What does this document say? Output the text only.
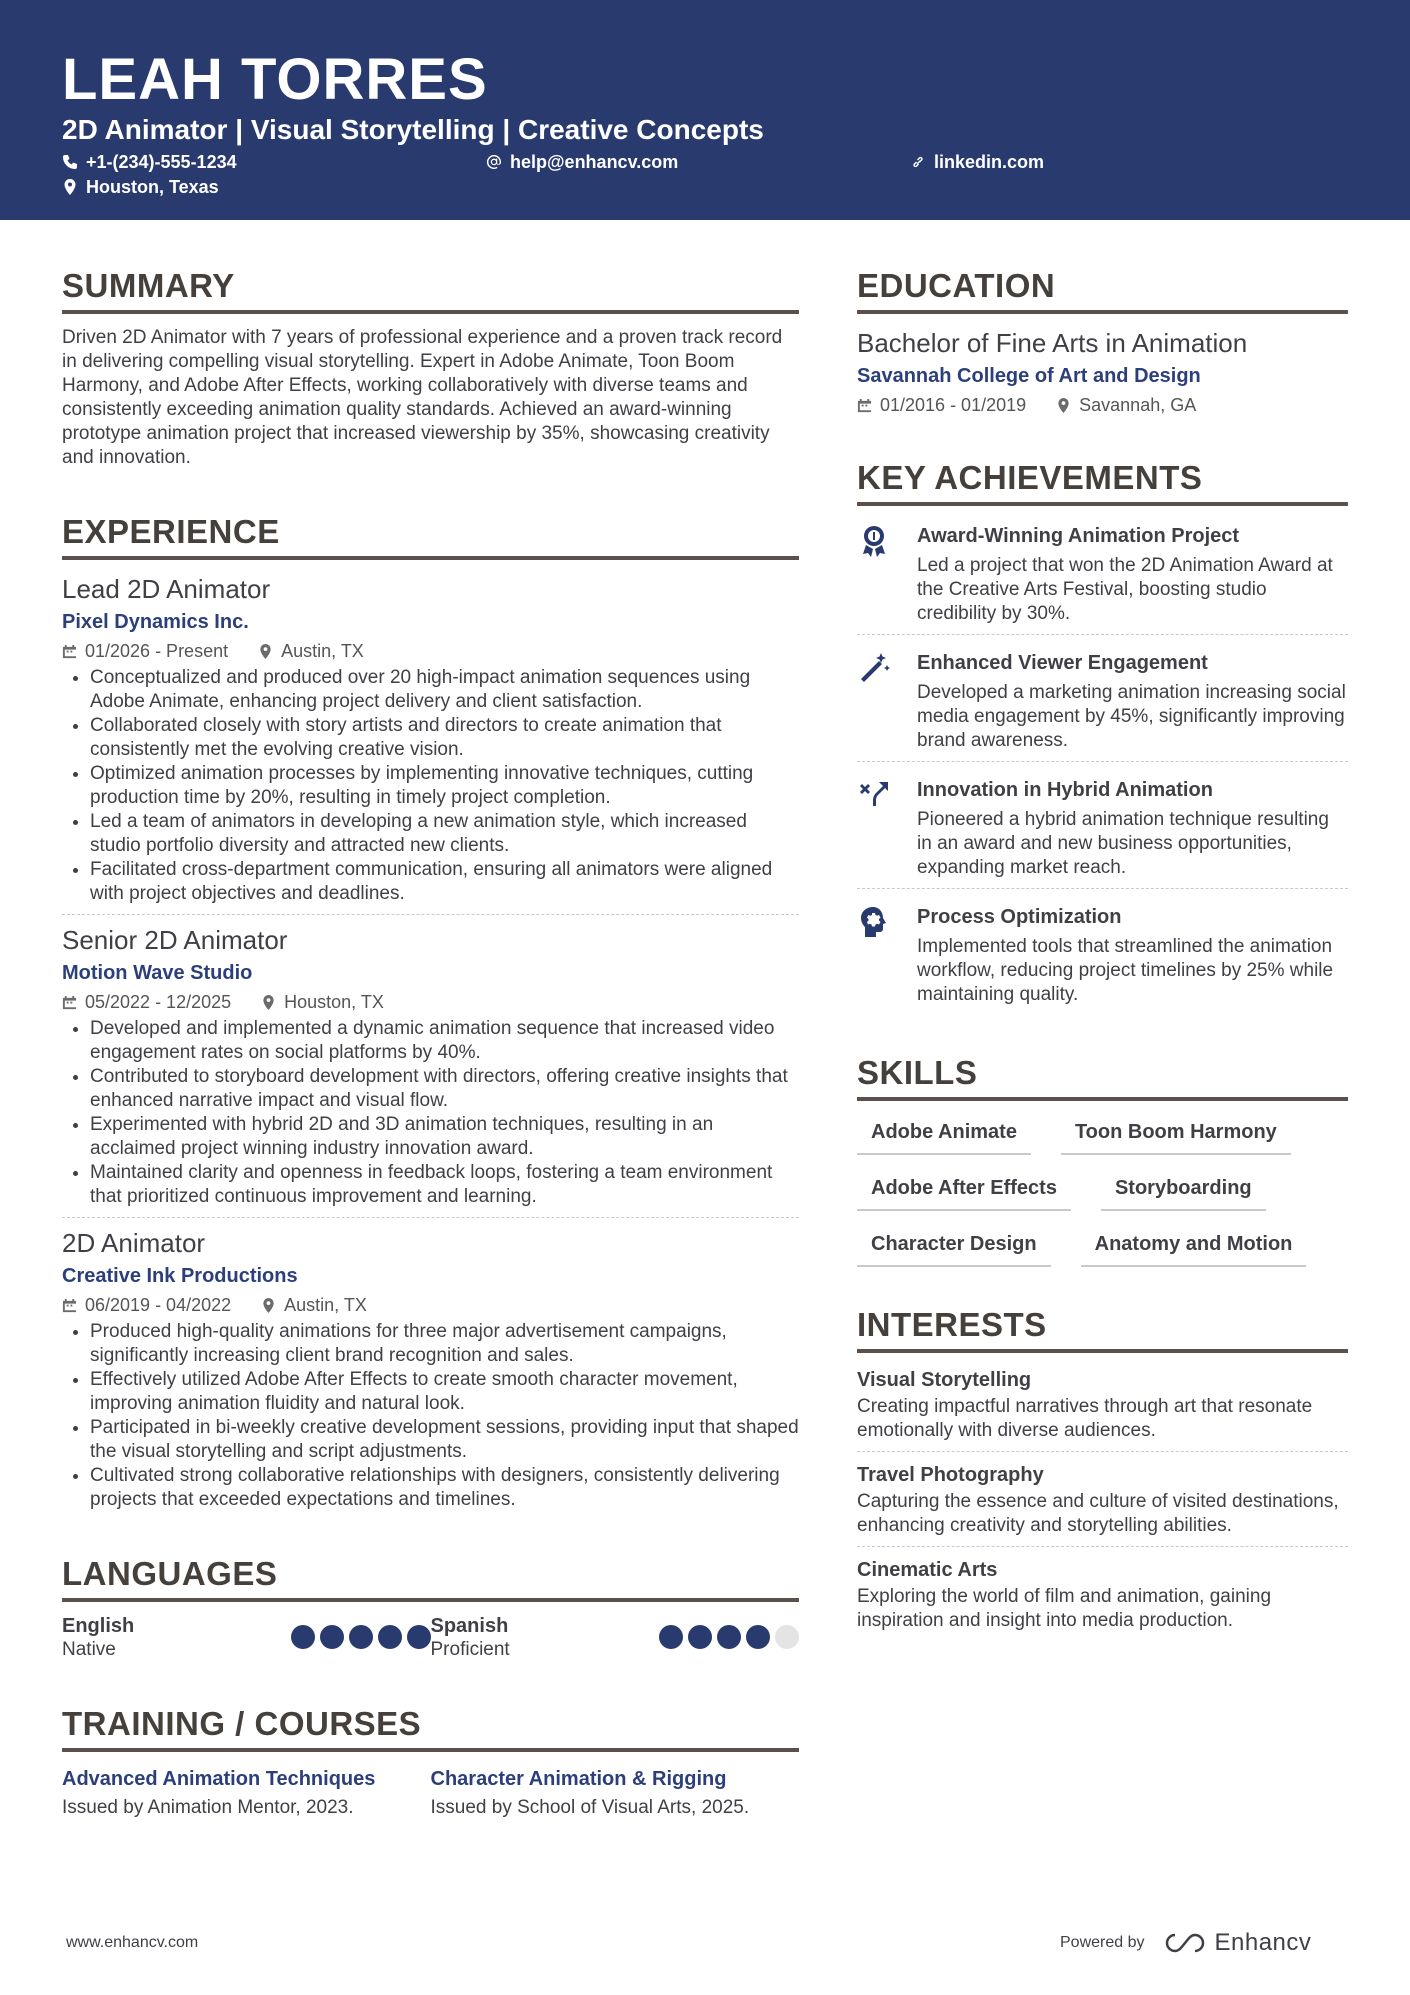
LEAH TORRES
2D Animator | Visual Storytelling | Creative Concepts
+1-(234)-555-1234	help@enhancv.com	linkedin.com
Houston, Texas
SUMMARY
Driven 2D Animator with 7 years of professional experience and a proven track record in delivering compelling visual storytelling. Expert in Adobe Animate, Toon Boom Harmony, and Adobe After Effects, working collaboratively with diverse teams and consistently exceeding animation quality standards. Achieved an award-winning prototype animation project that increased viewership by 35%, showcasing creativity and innovation.
EXPERIENCE
Lead 2D Animator
Pixel Dynamics Inc.
01/2026 - Present	Austin, TX
• Conceptualized and produced over 20 high-impact animation sequences using Adobe Animate, enhancing project delivery and client satisfaction.
• Collaborated closely with story artists and directors to create animation that consistently met the evolving creative vision.
• Optimized animation processes by implementing innovative techniques, cutting production time by 20%, resulting in timely project completion.
• Led a team of animators in developing a new animation style, which increased studio portfolio diversity and attracted new clients.
• Facilitated cross-department communication, ensuring all animators were aligned with project objectives and deadlines.
Senior 2D Animator
Motion Wave Studio
05/2022 - 12/2025	Houston, TX
• Developed and implemented a dynamic animation sequence that increased video engagement rates on social platforms by 40%.
• Contributed to storyboard development with directors, offering creative insights that enhanced narrative impact and visual flow.
• Experimented with hybrid 2D and 3D animation techniques, resulting in an acclaimed project winning industry innovation award.
• Maintained clarity and openness in feedback loops, fostering a team environment that prioritized continuous improvement and learning.
2D Animator
Creative Ink Productions
06/2019 - 04/2022	Austin, TX
• Produced high-quality animations for three major advertisement campaigns, significantly increasing client brand recognition and sales.
• Effectively utilized Adobe After Effects to create smooth character movement, improving animation fluidity and natural look.
• Participated in bi-weekly creative development sessions, providing input that shaped the visual storytelling and script adjustments.
• Cultivated strong collaborative relationships with designers, consistently delivering projects that exceeded expectations and timelines.
LANGUAGES
English
Native
Spanish
Proficient
TRAINING / COURSES
Advanced Animation Techniques
Issued by Animation Mentor, 2023.
Character Animation & Rigging
Issued by School of Visual Arts, 2025.
EDUCATION
Bachelor of Fine Arts in Animation
Savannah College of Art and Design
01/2016 - 01/2019	Savannah, GA
KEY ACHIEVEMENTS
Award-Winning Animation Project
Led a project that won the 2D Animation Award at the Creative Arts Festival, boosting studio credibility by 30%.
Enhanced Viewer Engagement
Developed a marketing animation increasing social media engagement by 45%, significantly improving brand awareness.
Innovation in Hybrid Animation
Pioneered a hybrid animation technique resulting in an award and new business opportunities, expanding market reach.
Process Optimization
Implemented tools that streamlined the animation workflow, reducing project timelines by 25% while maintaining quality.
SKILLS
Adobe Animate	Toon Boom Harmony
Adobe After Effects	Storyboarding
Character Design	Anatomy and Motion
INTERESTS
Visual Storytelling
Creating impactful narratives through art that resonate emotionally with diverse audiences.
Travel Photography
Capturing the essence and culture of visited destinations, enhancing creativity and storytelling abilities.
Cinematic Arts
Exploring the world of film and animation, gaining inspiration and insight into media production.
www.enhancv.com	Powered by	Enhancv
